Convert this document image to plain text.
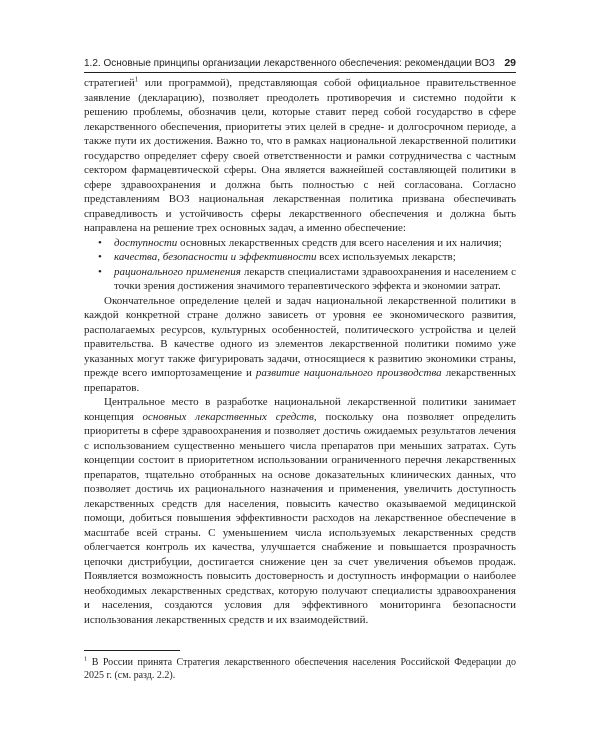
1.2. Основные принципы организации лекарственного обеспечения: рекомендации ВОЗ 29

стратегией$^1$ или программой), представляющая собой официальное правительственное заявление (декларацию), позволяет преодолеть противоречия и системно подойти к решению проблемы, обозначив цели, которые ставит перед собой государство в сфере лекарственного обеспечения, приоритеты этих целей в средне- и долгосрочном периоде, а также пути их достижения. Важно то, что в рамках национальной лекарственной политики государство определяет сферу своей ответственности и рамки сотрудничества с частным сектором фармацевтической сферы. Она является важнейшей составляющей политики в сфере здравоохранения и должна быть полностью с ней согласована. Согласно представлениям ВОЗ национальная лекарственная политика призвана обеспечивать справедливость и устойчивость сферы лекарственного обеспечения и должна быть направлена на решение трех основных задач, а именно обеспечение:

• доступности основных лекарственных средств для всего населения и их наличия;
• качества, безопасности и эффективности всех используемых лекарств;
• рационального применения лекарств специалистами здравоохранения и населением с точки зрения достижения значимого терапевтического эффекта и экономии затрат.

Окончательное определение целей и задач национальной лекарственной политики в каждой конкретной стране должно зависеть от уровня ее экономического развития, располагаемых ресурсов, культурных особенностей, политического устройства и целей правительства. В качестве одного из элементов лекарственной политики помимо уже указанных могут также фигурировать задачи, относящиеся к развитию экономики страны, прежде всего импортозамещение и развитие национального производства лекарственных препаратов.

Центральное место в разработке национальной лекарственной политики занимает концепция основных лекарственных средств, поскольку она позволяет определить приоритеты в сфере здравоохранения и позволяет достичь ожидаемых результатов лечения с использованием существенно меньшего числа препаратов при меньших затратах. Суть концепции состоит в приоритетном использовании ограниченного перечня лекарственных препаратов, тщательно отобранных на основе доказательных клинических данных, что позволяет достичь их рационального назначения и применения, увеличить доступность лекарственных средств для населения, повысить качество оказываемой медицинской помощи, добиться повышения эффективности расходов на лекарственное обеспечение в масштабе всей страны. С уменьшением числа используемых лекарственных средств облегчается контроль их качества, улучшается снабжение и повышается прозрачность цепочки дистрибуции, достигается снижение цен за счет увеличения объемов продаж. Появляется возможность повысить достоверность и доступность информации о наиболее необходимых лекарственных средствах, которую получают специалисты здравоохранения и населения, создаются условия для эффективного мониторинга безопасности использования лекарственных средств и их взаимодействий.

$^1$ В России принята Стратегия лекарственного обеспечения населения Российской Федерации до 2025 г. (см. разд. 2.2).
